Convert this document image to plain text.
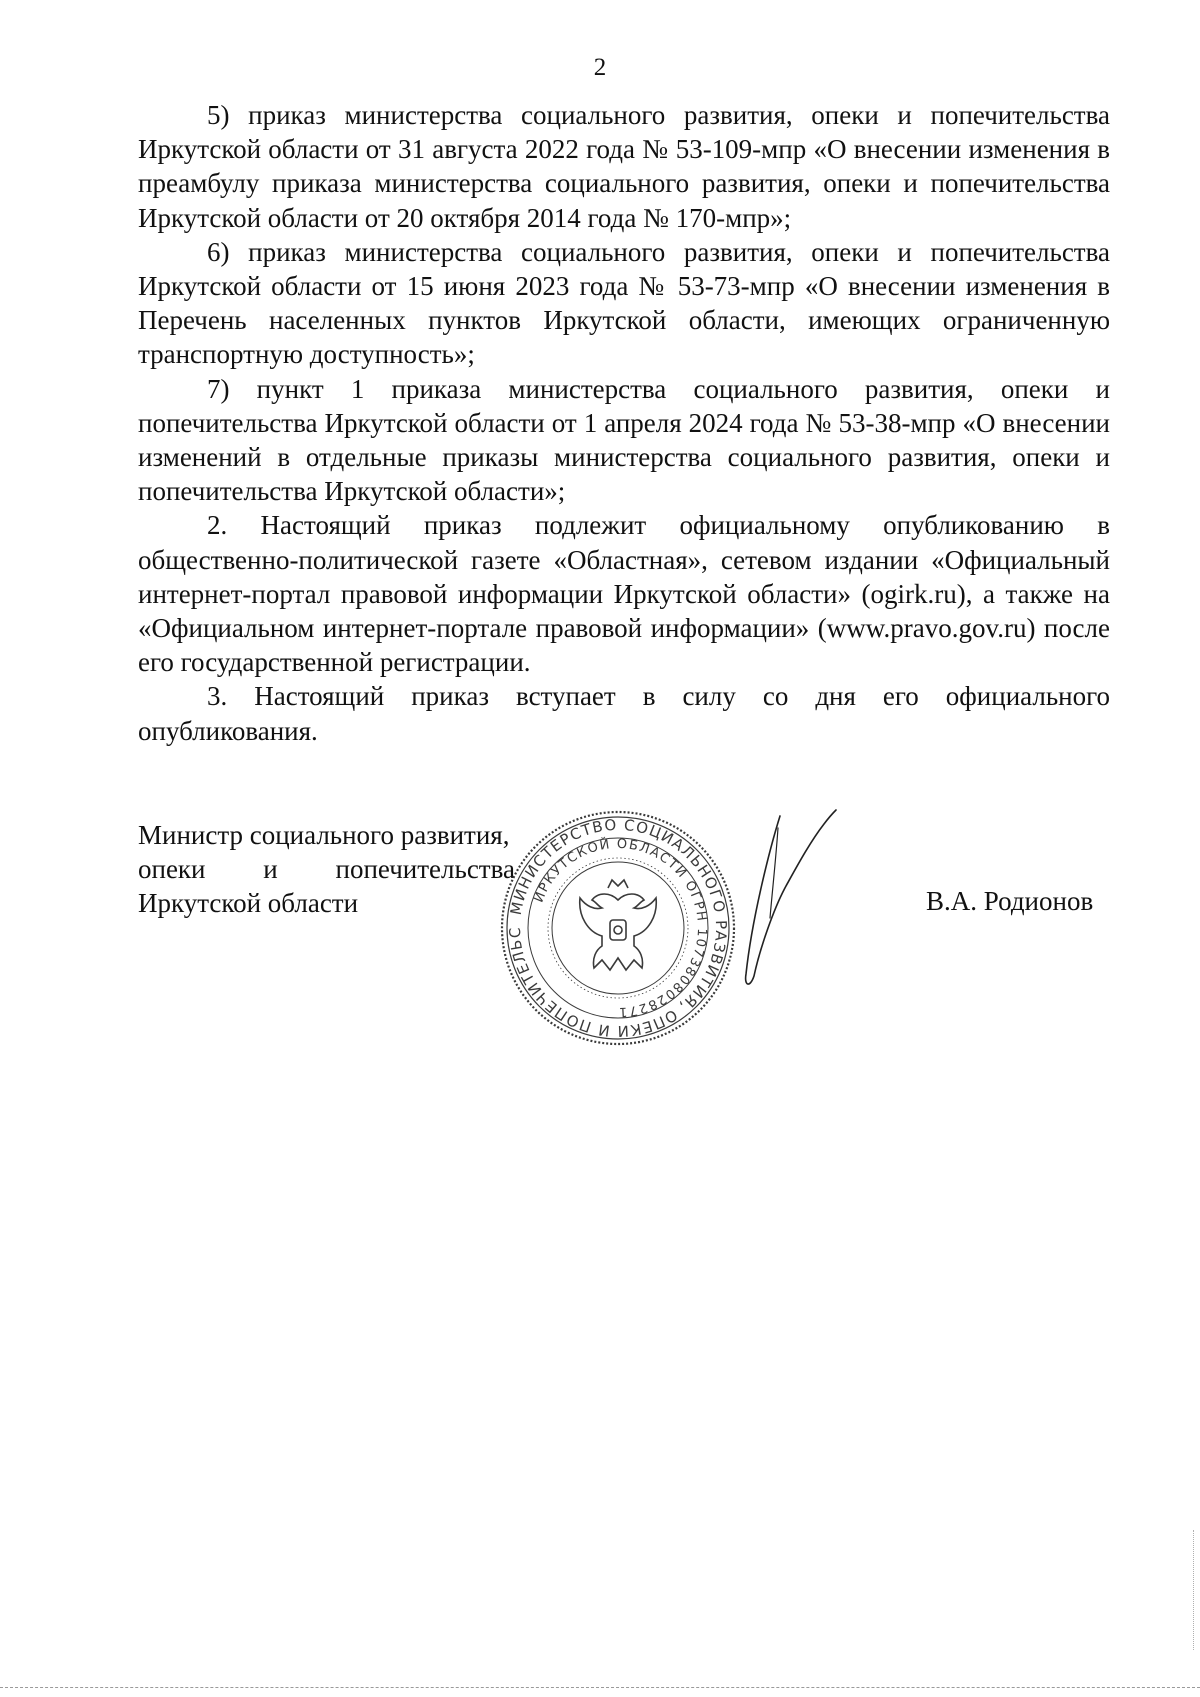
2

5) приказ министерства социального развития, опеки и попечительства Иркутской области от 31 августа 2022 года № 53-109-мпр «О внесении изменения в преамбулу приказа министерства социального развития, опеки и попечительства Иркутской области от 20 октября 2014 года № 170-мпр»;

6) приказ министерства социального развития, опеки и попечительства Иркутской области от 15 июня 2023 года № 53-73-мпр «О внесении изменения в Перечень населенных пунктов Иркутской области, имеющих ограниченную транспортную доступность»;

7) пункт 1 приказа министерства социального развития, опеки и попечительства Иркутской области от 1 апреля 2024 года № 53-38-мпр «О внесении изменений в отдельные приказы министерства социального развития, опеки и попечительства Иркутской области»;

2. Настоящий приказ подлежит официальному опубликованию в общественно-политической газете «Областная», сетевом издании «Официальный интернет-портал правовой информации Иркутской области» (ogirk.ru), а также на «Официальном интернет-портале правовой информации» (www.pravo.gov.ru) после его государственной регистрации.

3. Настоящий приказ вступает в силу со дня его официального опубликования.

Министр социального развития,
опеки и попечительства
Иркутской области	В.А. Родионов
МИНИСТЕРСТВО СОЦИАЛЬНОГО РАЗВИТИЯ, ОПЕКИ И ПОПЕЧИТЕЛЬС
ИРКУТСКОЙ ОБЛАСТИ ОГРН 1073808028271
